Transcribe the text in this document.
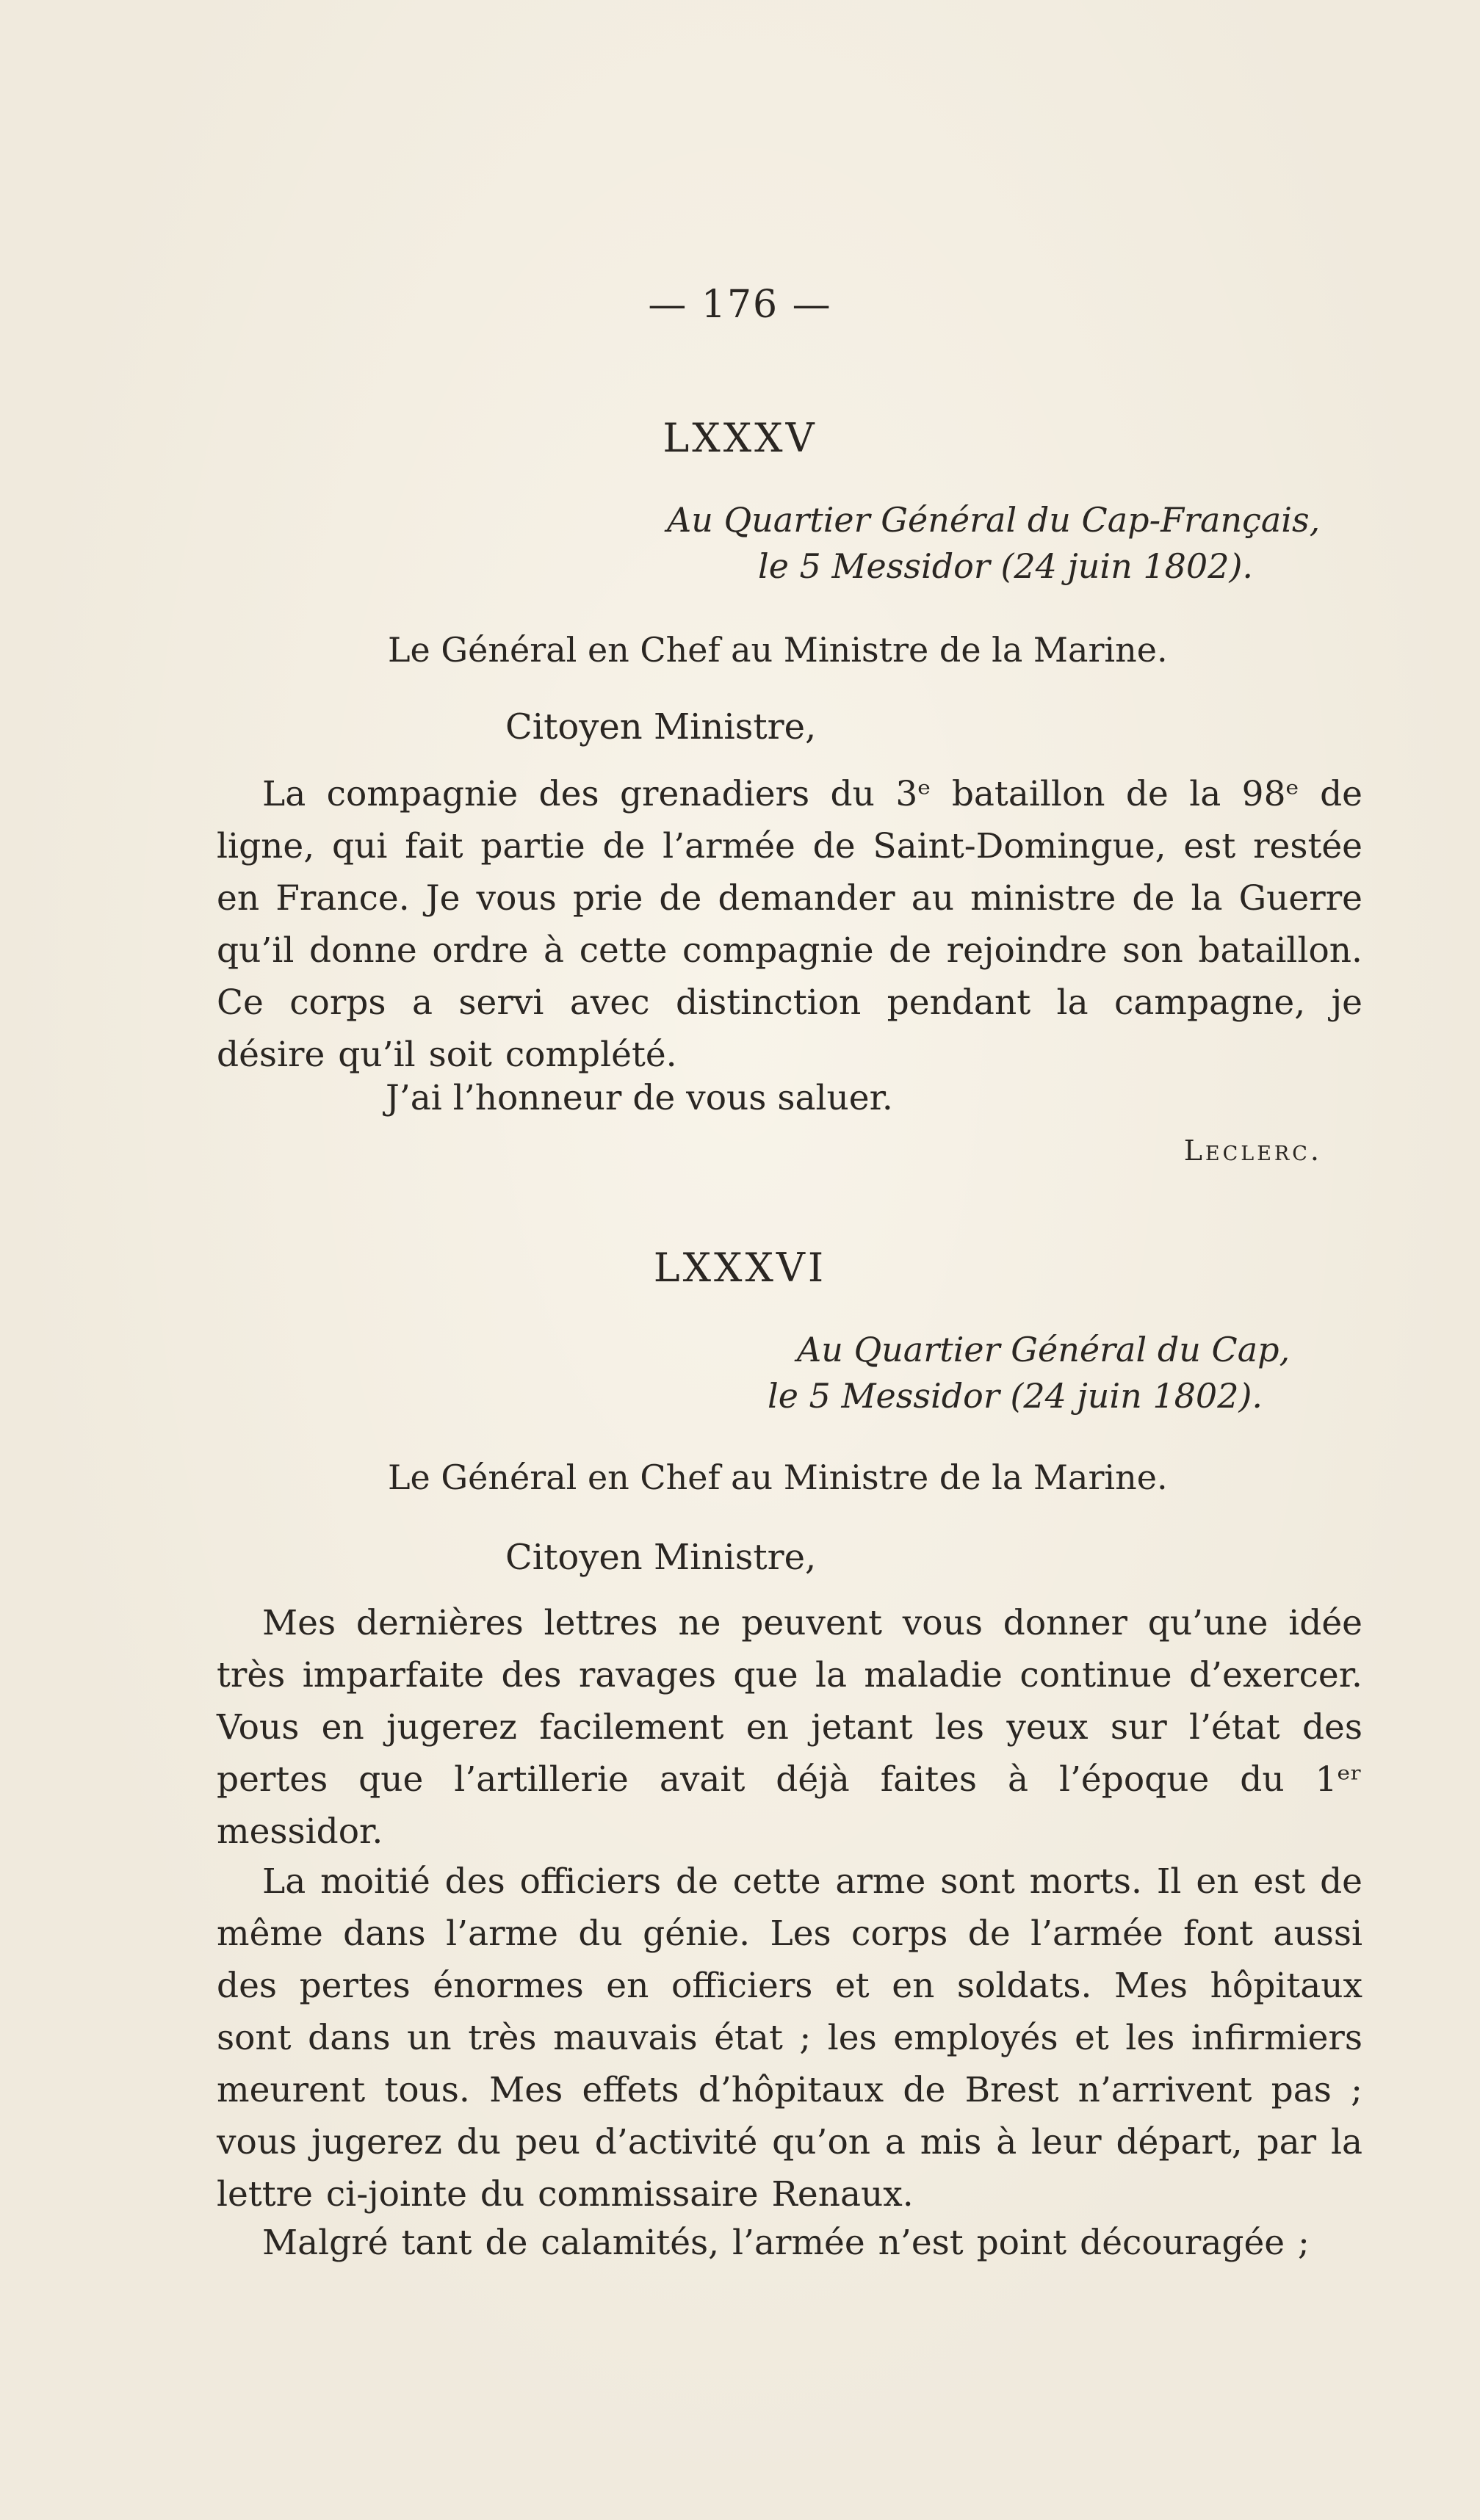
— 176 —
LXXXV
Au Quartier Général du Cap-Français,
le 5 Messidor (24 juin 1802).
Le Général en Chef au Ministre de la Marine.
Citoyen Ministre,
La compagnie des grenadiers du 3ᵉ bataillon de la 98ᵉ de ligne, qui fait partie de l’armée de Saint-Domingue, est restée en France. Je vous prie de demander au ministre de la Guerre qu’il donne ordre à cette compagnie de rejoindre son bataillon. Ce corps a servi avec distinction pendant la campagne, je désire qu’il soit complété.
J’ai l’honneur de vous saluer.
Leclerc.
LXXXVI
Au Quartier Général du Cap,
le 5 Messidor (24 juin 1802).
Le Général en Chef au Ministre de la Marine.
Citoyen Ministre,
Mes dernières lettres ne peuvent vous donner qu’une idée très imparfaite des ravages que la maladie continue d’exercer. Vous en jugerez facilement en jetant les yeux sur l’état des pertes que l’artillerie avait déjà faites à l’époque du 1ᵉʳ messidor.
La moitié des officiers de cette arme sont morts. Il en est de même dans l’arme du génie. Les corps de l’armée font aussi des pertes énormes en officiers et en soldats. Mes hôpitaux sont dans un très mauvais état ; les employés et les infirmiers meurent tous. Mes effets d’hôpitaux de Brest n’arrivent pas ; vous jugerez du peu d’activité qu’on a mis à leur départ, par la lettre ci-jointe du commissaire Renaux.
Malgré tant de calamités, l’armée n’est point découragée ;
